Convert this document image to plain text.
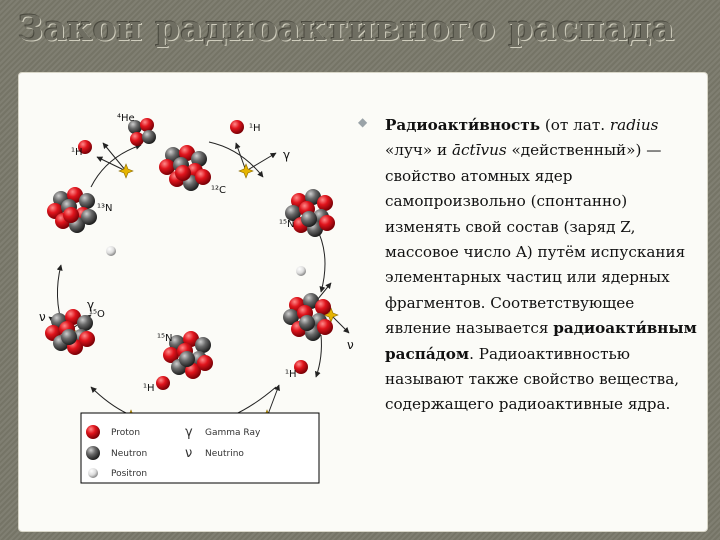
Закон радиоактивного распада
⁴He
¹H
¹H
¹²C
¹³N
¹⁵N
γ
γ
ν
ν
¹⁵O
¹⁵N
¹H
¹H
Proton
Neutron
Positron
γ Gamma Ray
ν Neutrino
◆ Радиоакти́вность (от лат. radius «луч» и āctīvus «действенный») — свойство атомных ядер самопроизвольно (спонтанно) изменять свой состав (заряд Z, массовое число A) путём испускания элементарных частиц или ядерных фрагментов. Соответствующее явление называется радиоакти́вным распа́дом. Радиоактивностью называют также свойство вещества, содержащего радиоактивные ядра.
